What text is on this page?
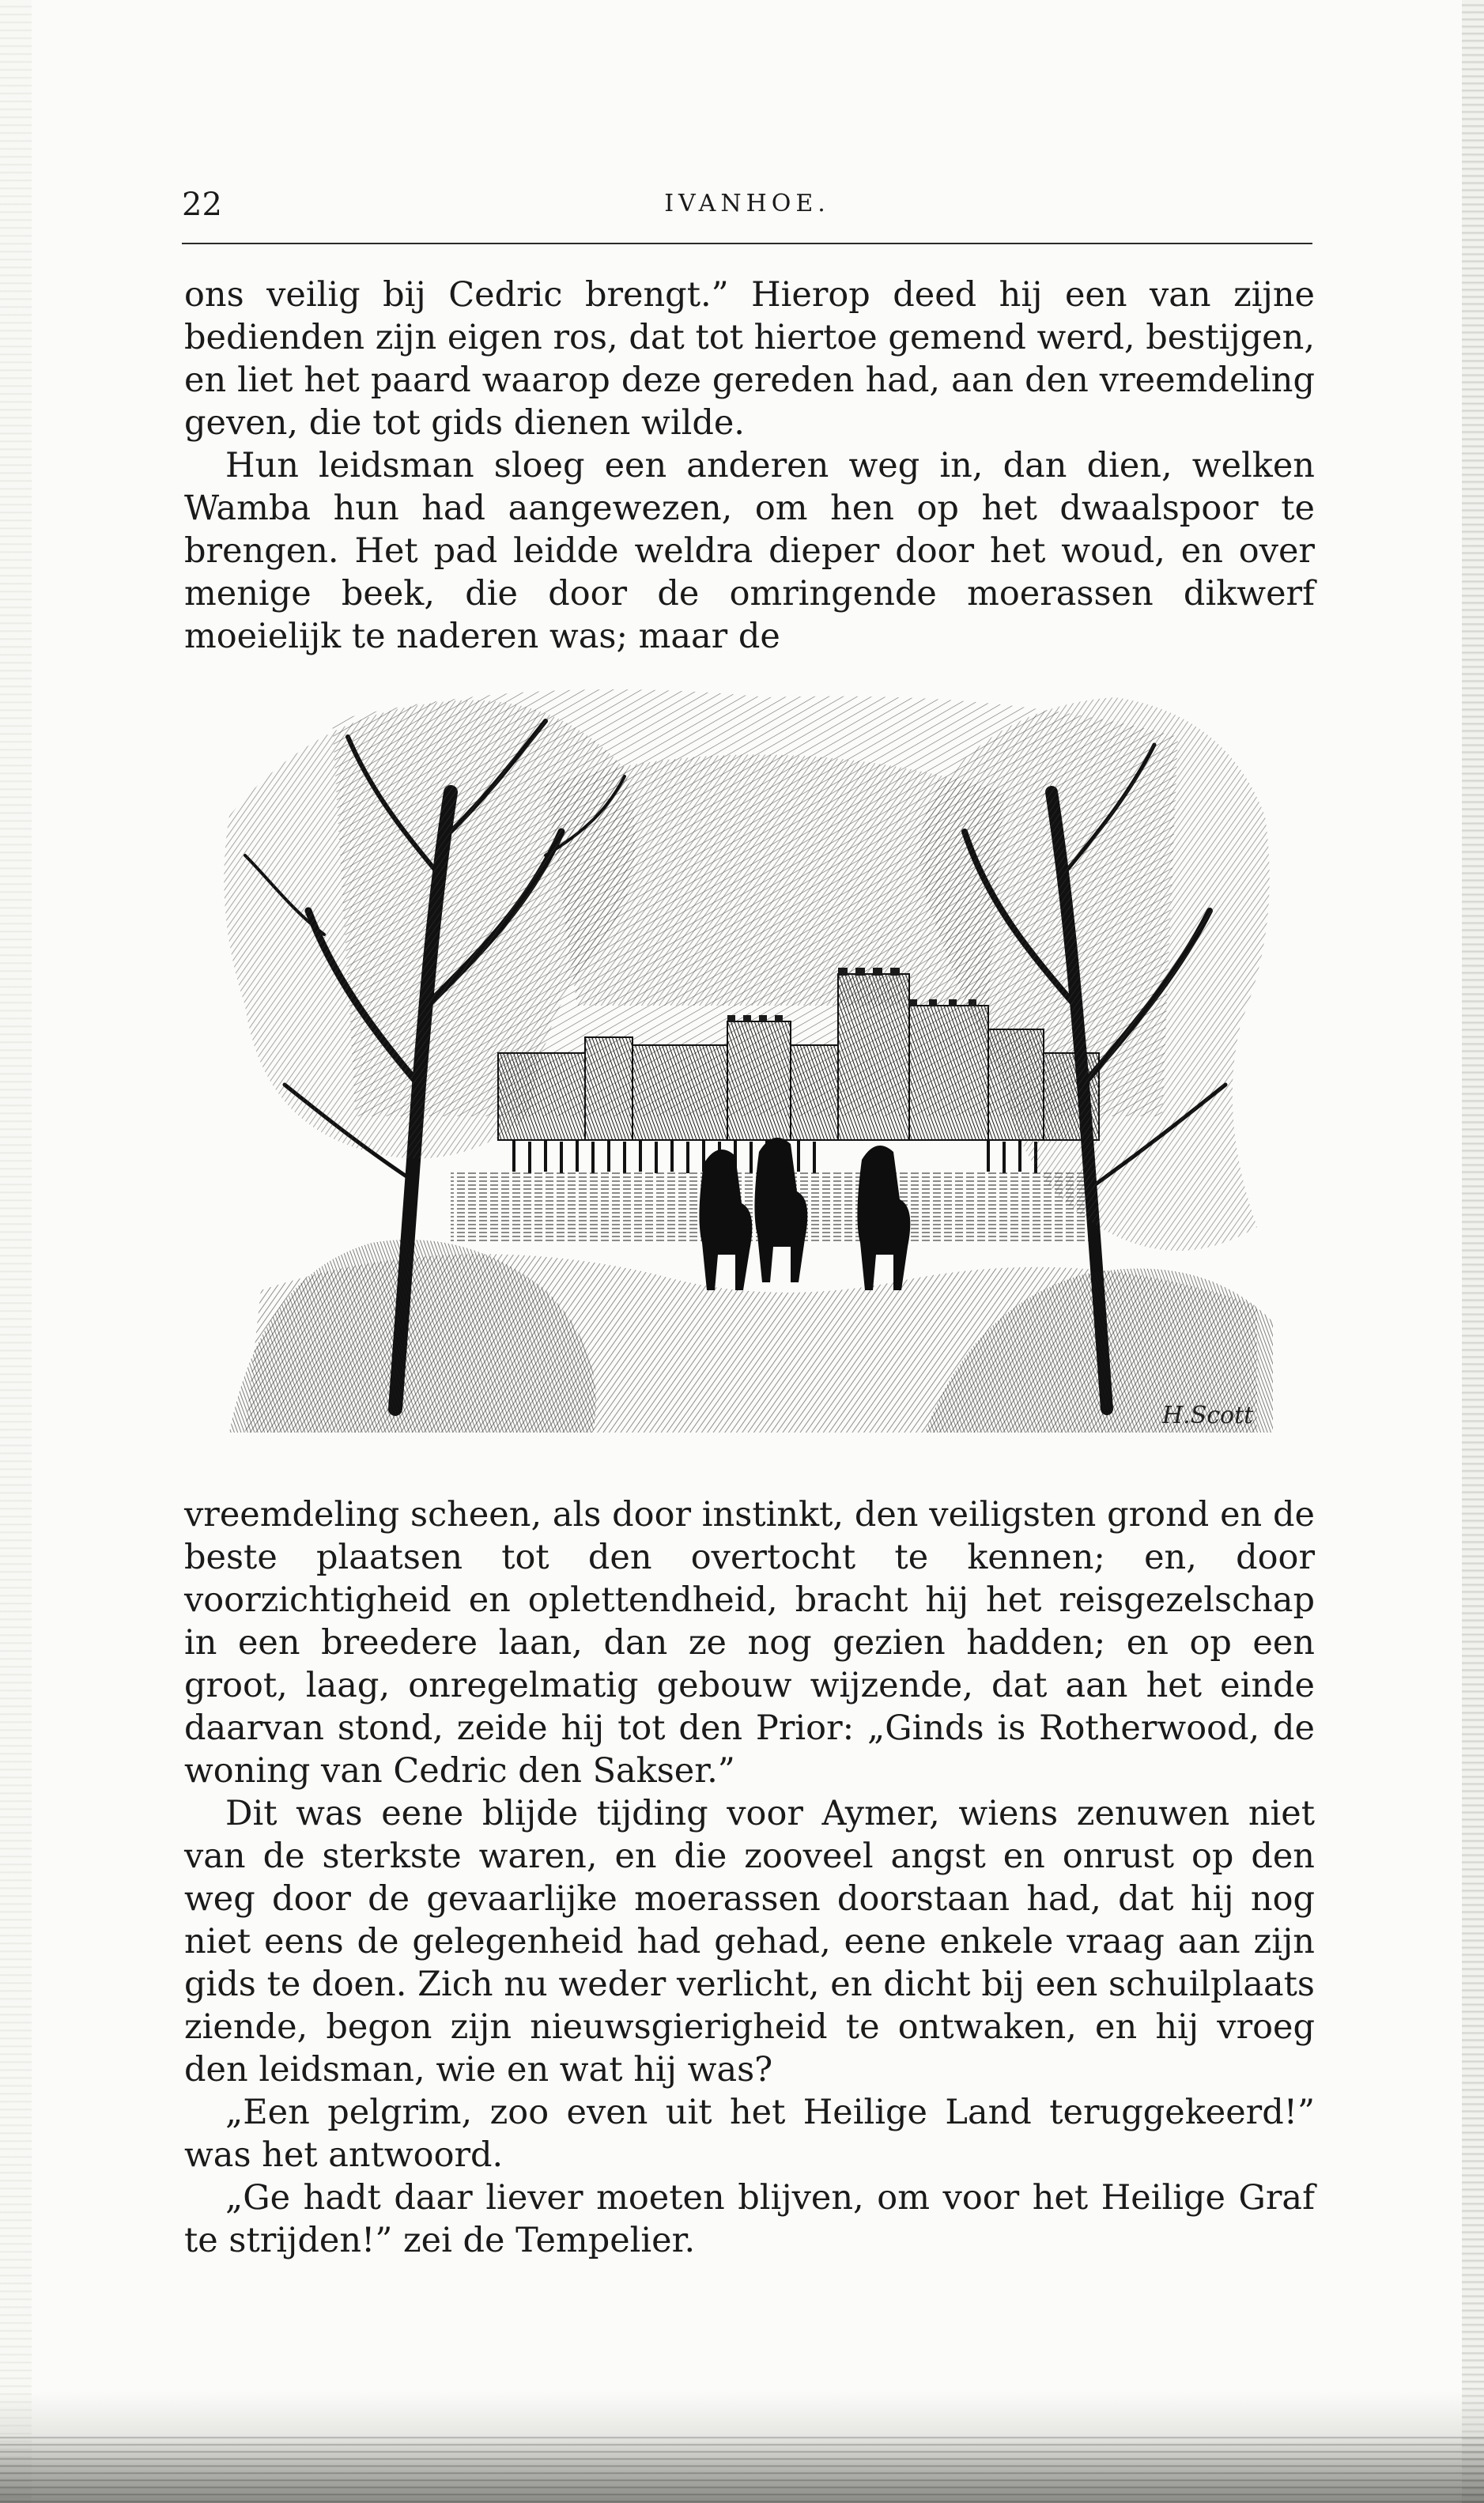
22	IVANHOE.

ons veilig bij Cedric brengt.” Hierop deed hij een van zijne bedienden zijn eigen ros, dat tot hiertoe gemend werd, bestijgen, en liet het paard waarop deze gereden had, aan den vreemdeling geven, die tot gids dienen wilde.

Hun leidsman sloeg een anderen weg in, dan dien, welken Wamba hun had aangewezen, om hen op het dwaalspoor te brengen. Het pad leidde weldra dieper door het woud, en over menige beek, die door de omringende moerassen dikwerf moeielijk te naderen was; maar de

H.Scott

vreemdeling scheen, als door instinkt, den veiligsten grond en de beste plaatsen tot den overtocht te kennen; en, door voorzichtigheid en oplettendheid, bracht hij het reisgezelschap in een breedere laan, dan ze nog gezien hadden; en op een groot, laag, onregelmatig gebouw wijzende, dat aan het einde daarvan stond, zeide hij tot den Prior: „Ginds is Rotherwood, de woning van Cedric den Sakser.”

Dit was eene blijde tijding voor Aymer, wiens zenuwen niet van de sterkste waren, en die zooveel angst en onrust op den weg door de gevaarlijke moerassen doorstaan had, dat hij nog niet eens de gelegenheid had gehad, eene enkele vraag aan zijn gids te doen. Zich nu weder verlicht, en dicht bij een schuilplaats ziende, begon zijn nieuwsgierigheid te ontwaken, en hij vroeg den leidsman, wie en wat hij was?

„Een pelgrim, zoo even uit het Heilige Land teruggekeerd!” was het antwoord.

„Ge hadt daar liever moeten blijven, om voor het Heilige Graf te strijden!” zei de Tempelier.
